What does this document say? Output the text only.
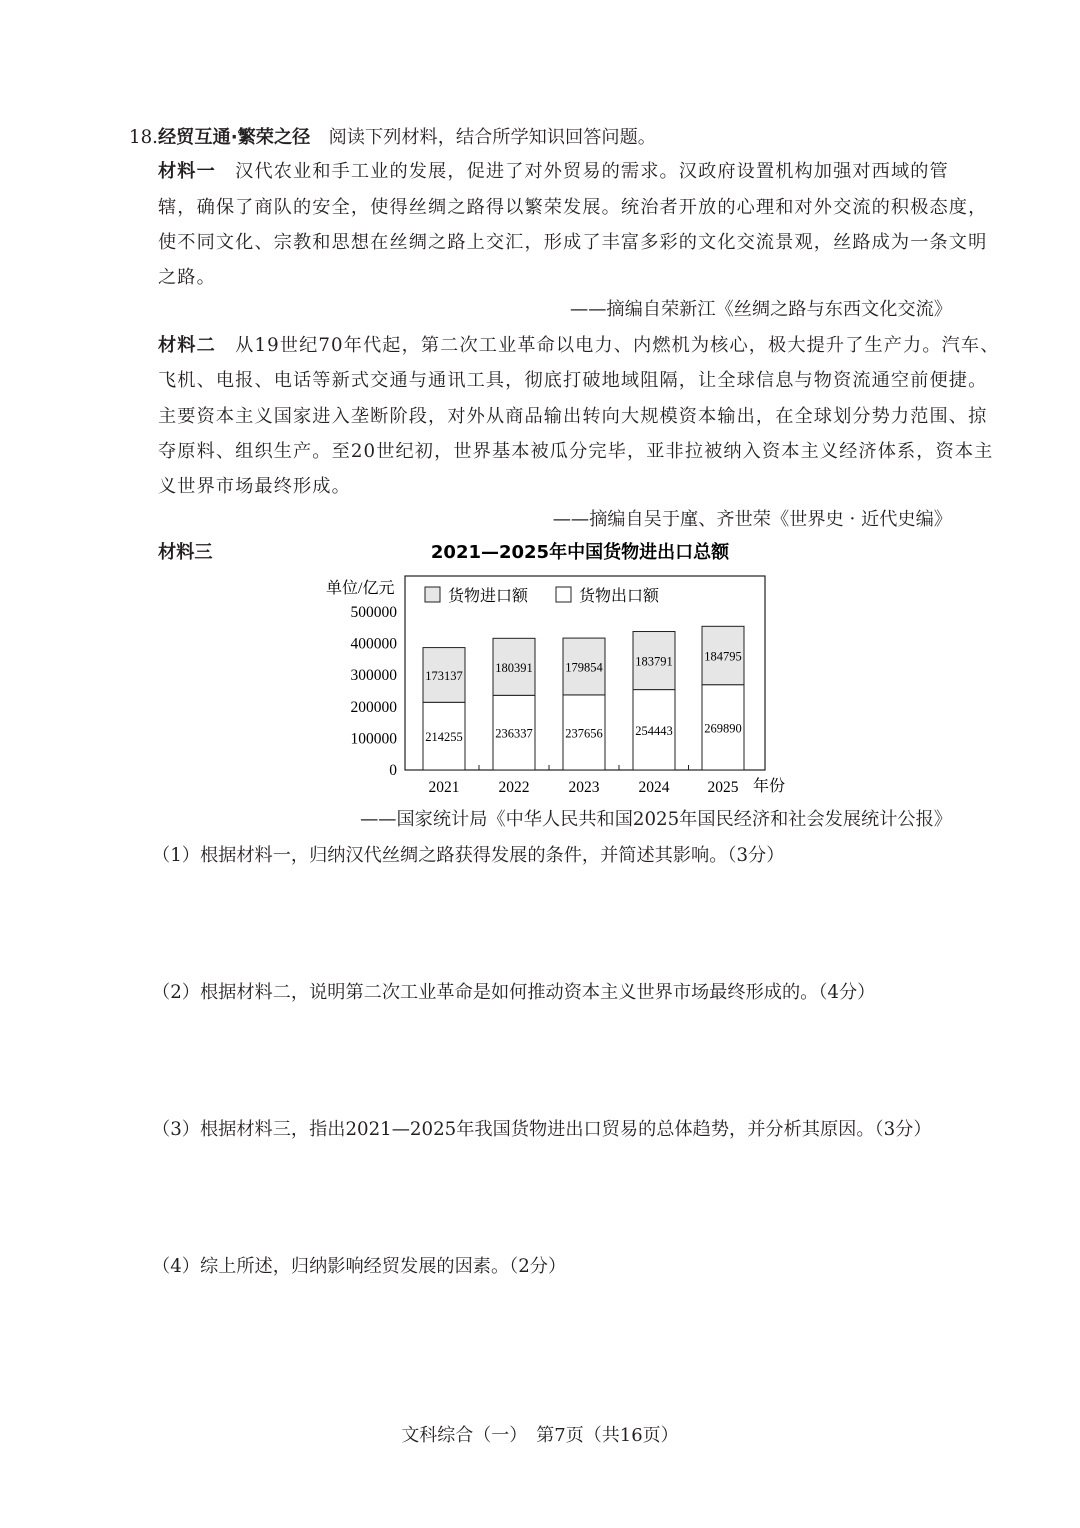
18.经贸互通·繁荣之径　 阅读下列材料，结合所学知识回答问题。
材料一　 汉代农业和手工业的发展，促进了对外贸易的需求。汉政府设置机构加强对西域的管
辖，确保了商队的安全，使得丝绸之路得以繁荣发展。统治者开放的心理和对外交流的积极态度，
使不同文化、宗教和思想在丝绸之路上交汇，形成了丰富多彩的文化交流景观，丝路成为一条文明
之路。
——摘编自荣新江《丝绸之路与东西文化交流》
材料二　 从19世纪70年代起，第二次工业革命以电力、内燃机为核心，极大提升了生产力。汽车、
飞机、电报、电话等新式交通与通讯工具，彻底打破地域阻隔，让全球信息与物资流通空前便捷。
主要资本主义国家进入垄断阶段，对外从商品输出转向大规模资本输出，在全球划分势力范围、掠
夺原料、组织生产。至20世纪初，世界基本被瓜分完毕，亚非拉被纳入资本主义经济体系，资本主
义世界市场最终形成。
——摘编自吴于廑、齐世荣《世界史 · 近代史编》
材料三	2021—2025年中国货物进出口总额
单位/亿元	货物进口额	货物出口额
0
100000
200000
300000
400000
500000
214255
173137
2021
236337
180391
2022
237656
179854
2023
254443
183791
2024
269890
184795
2025 年份
——国家统计局《中华人民共和国2025年国民经济和社会发展统计公报》
（1）根据材料一，归纳汉代丝绸之路获得发展的条件，并简述其影响。（3分）
（2）根据材料二，说明第二次工业革命是如何推动资本主义世界市场最终形成的。（4分）
（3）根据材料三，指出2021—2025年我国货物进出口贸易的总体趋势，并分析其原因。（3分）
（4）综上所述，归纳影响经贸发展的因素。（2分）
文科综合（一）　第7页（共16页）
